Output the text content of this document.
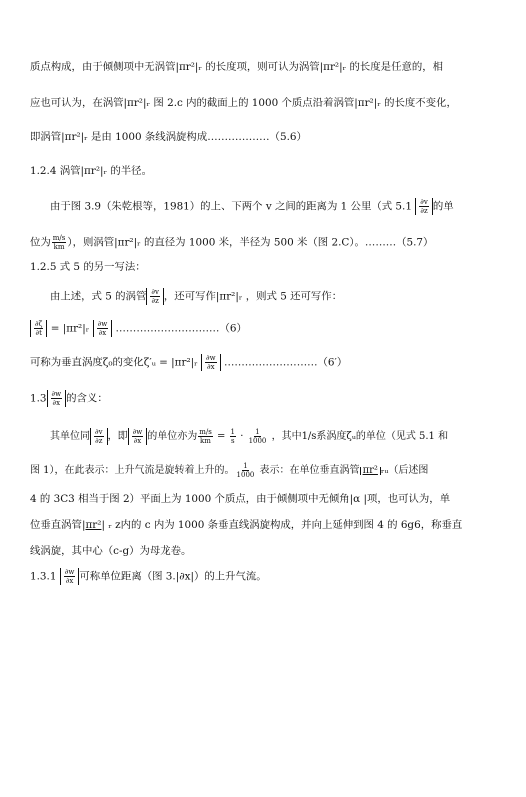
质点构成，由于倾侧项中无涡管|πr²|ᵣ 的长度项，则可认为涡管|πr²|ᵣ 的长度是任意的，相
应也可认为，在涡管|πr²|ᵣ 图 2.c 内的截面上的 1000 个质点沿着涡管|πr²|ᵣ 的长度不变化，
即涡管|πr²|ᵣ 是由 1000 条线涡旋构成………………（5.6）
1.2.4 涡管|πr²|ᵣ 的半径。
由于图 3.9（朱乾根等，1981）的上、下两个 v 之间的距离为 1 公里（式 $5.1 \frac{\partial v}{\partial z}$ 的单
位为 $\frac{m/s}{km}$ ），则涡管|πr²|ᵣ 的直径为 1000 米，半径为 500 米（图 2.C）。………（5.7）
1.2.5 式 5 的另一写法：
由上述，式 5 的涡管 $\frac{\partial v}{\partial z}$ ，还可写作|πr²|ᵣ ，则式 5 还可写作：
$\frac{\partial\zeta}{\partial t}$ = |πr²|ᵣ $\frac{\partial w}{\partial x}$ …………………………（6）
可称为垂直涡度ζ₀的变化ζ′ᵤ = |πr²|ᵣ $\frac{\partial w}{\partial x}$ ………………………（6′）
$1.3 \frac{\partial w}{\partial x}$ 的含义：
其单位同 $\frac{\partial v}{\partial z}$ ，即 $\frac{\partial w}{\partial x}$ 的单位亦为 $\frac{m/s}{km} = \frac{1}{s} \cdot \frac{1}{1000}$ ，其中1/s系涡度ζᵤ的单位（见式 5.1 和
图 1），在此表示：上升气流是旋转着上升的。 $\frac{1}{1000}$ 表示：在单位垂直涡管 πr² ᵣᵤ（后述图
4 的 3C3 相当于图 2）平面上为 1000 个质点，由于倾侧项中无倾角|α |项，也可认为，单
位垂直涡管|πr²| ᵣ z内的 c 内为 1000 条垂直线涡旋构成，并向上延伸到图 4 的 6g6，称垂直
线涡旋，其中心（c-g）为母龙卷。
$1.3.1 \frac{\partial w}{\partial x}$ 可称单位距离（图 3.|∂x|）的上升气流。
